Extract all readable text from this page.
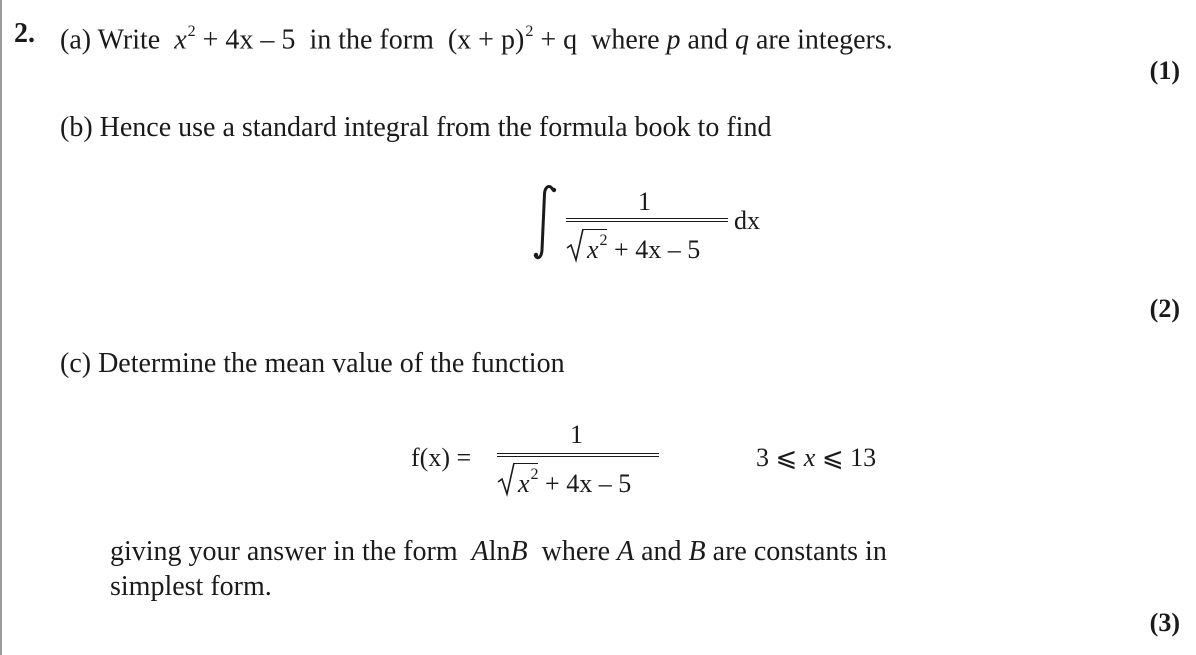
2. (a) Write $x^2 + 4x - 5$ in the form $(x + p)^2 + q$ where p and q are integers.
(1)
(b) Hence use a standard integral from the formula book to find
1
$x^2 + 4x - 5$
dx
(2)
(c) Determine the mean value of the function
f(x) =
1
$x^2 + 4x - 5$
3 ⩽ x ⩽ 13
giving your answer in the form AlnB where A and B are constants in
simplest form.
(3)
